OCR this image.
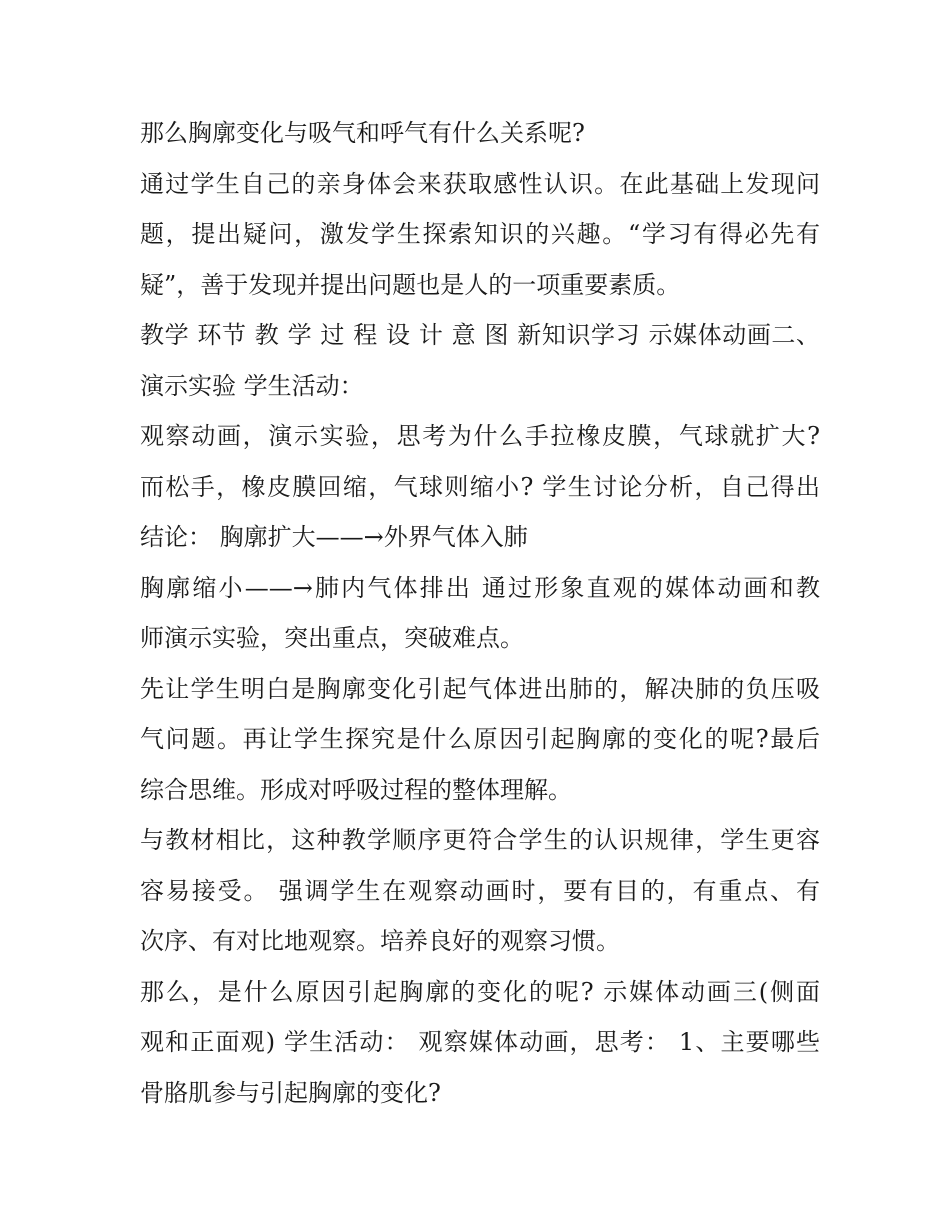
那么胸廓变化与吸气和呼气有什么关系呢?
通过学生自己的亲身体会来获取感性认识。在此基础上发现问
题，提出疑问，激发学生探索知识的兴趣。“学习有得必先有
疑”，善于发现并提出问题也是人的一项重要素质。
教学 环节 教 学 过 程 设 计 意 图 新知识学习 示媒体动画二、
演示实验 学生活动：
观察动画，演示实验，思考为什么手拉橡皮膜，气球就扩大?
而松手，橡皮膜回缩，气球则缩小? 学生讨论分析，自己得出
结论： 胸廓扩大——→外界气体入肺
胸廓缩小——→肺内气体排出 通过形象直观的媒体动画和教
师演示实验，突出重点，突破难点。
先让学生明白是胸廓变化引起气体进出肺的，解决肺的负压吸
气问题。再让学生探究是什么原因引起胸廓的变化的呢?最后
综合思维。形成对呼吸过程的整体理解。
与教材相比，这种教学顺序更符合学生的认识规律，学生更容
容易接受。 强调学生在观察动画时，要有目的，有重点、有
次序、有对比地观察。培养良好的观察习惯。
那么，是什么原因引起胸廓的变化的呢? 示媒体动画三(侧面
观和正面观) 学生活动： 观察媒体动画，思考： 1、主要哪些
骨胳肌参与引起胸廓的变化?
